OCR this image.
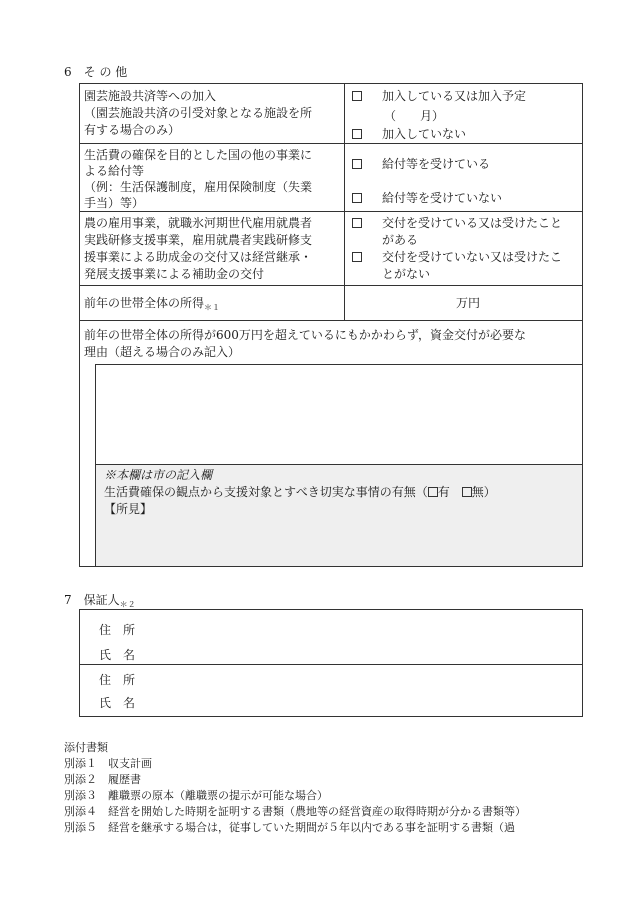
6　そ の 他
園芸施設共済等への加入
（園芸施設共済の引受対象となる施設を所
有する場合のみ）
加入している又は加入予定
（　　月）
加入していない
生活費の確保を目的とした国の他の事業に
よる給付等
（例：生活保護制度，雇用保険制度（失業
手当）等）
給付等を受けている
給付等を受けていない
農の雇用事業，就職氷河期世代雇用就農者
実践研修支援事業，雇用就農者実践研修支
援事業による助成金の交付又は経営継承・
発展支援事業による補助金の交付
交付を受けている又は受けたこと
がある
交付を受けていない又は受けたこ
とがない
前年の世帯全体の所得$_{*1}$	万円
前年の世帯全体の所得が600万円を超えているにもかかわらず，資金交付が必要な
理由（超える場合のみ記入）
※本欄は市の記入欄
生活費確保の観点から支援対象とすべき切実な事情の有無（ 有　 無）
【所見】
7　保証人$_{*2}$
住　所
氏　名
住　所
氏　名
添付書類
別添１　収支計画
別添２　履歴書
別添３　離職票の原本（離職票の提示が可能な場合）
別添４　経営を開始した時期を証明する書類（農地等の経営資産の取得時期が分かる書類等）
別添５　経営を継承する場合は，従事していた期間が５年以内である事を証明する書類（過
